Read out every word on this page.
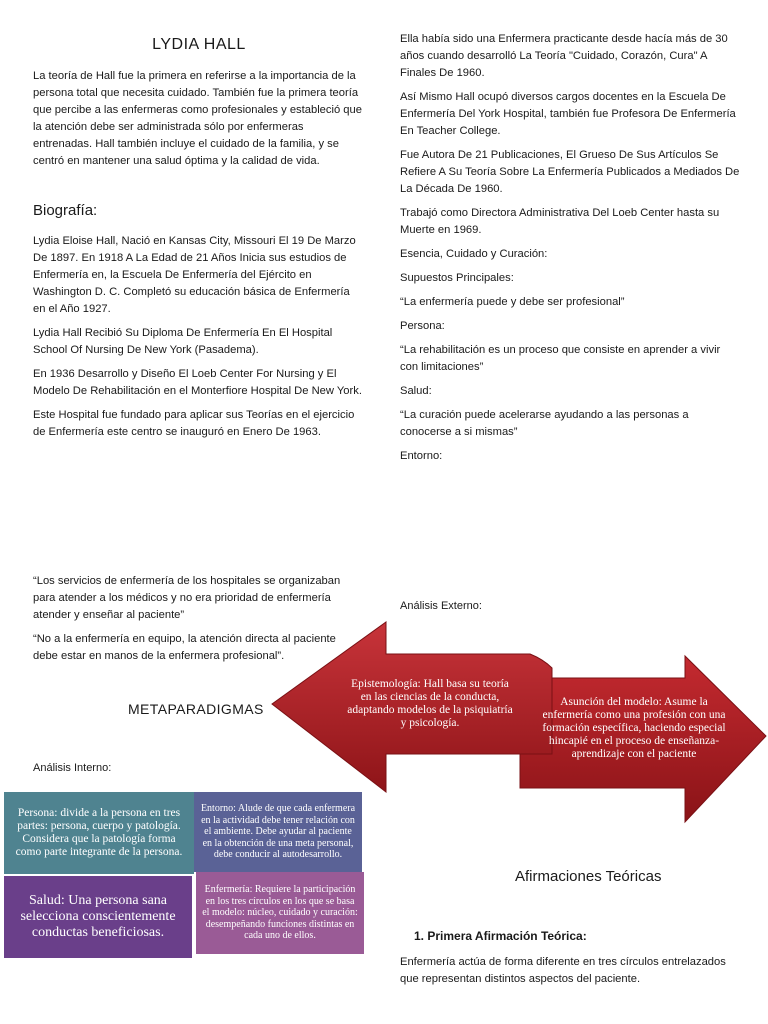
LYDIA HALL

La teoría de Hall fue la primera en referirse a la importancia de la persona total que necesita cuidado. También fue la primera teoría que percibe a las enfermeras como profesionales y estableció que la atención debe ser administrada sólo por enfermeras entrenadas. Hall también incluye el cuidado de la familia, y se centró en mantener una salud óptima y la calidad de vida.

Biografía:

Lydia Eloise Hall, Nació en Kansas City, Missouri El 19 De Marzo De 1897. En 1918 A La Edad de 21 Años Inicia sus estudios de Enfermería en, la Escuela De Enfermería del Ejército en Washington D. C. Completó su educación básica de Enfermería en el Año 1927.

Lydia Hall Recibió Su Diploma De Enfermería En El Hospital School Of Nursing De New York (Pasadema).

En 1936 Desarrollo y Diseño El Loeb Center For Nursing y El Modelo De Rehabilitación en el Monterfiore Hospital De New York.

Este Hospital fue fundado para aplicar sus Teorías en el ejercicio de Enfermería este centro se inauguró en Enero De 1963.

“Los servicios de enfermería de los hospitales se organizaban para atender a los médicos y no era prioridad de enfermería atender y enseñar al paciente”

“No a la enfermería en equipo, la atención directa al paciente debe estar en manos de la enfermera profesional”.

METAPARADIGMAS
Análisis Interno:

Ella había sido una Enfermera practicante desde hacía más de 30 años cuando desarrolló La Teoría "Cuidado, Corazón, Cura" A Finales De 1960.

Así Mismo Hall ocupó diversos cargos docentes en la Escuela De Enfermería Del York Hospital, también fue Profesora De Enfermería En Teacher College.

Fue Autora De 21 Publicaciones, El Grueso De Sus Artículos Se Refiere A Su Teoría Sobre La Enfermería Publicados a Mediados De La Década De 1960.

Trabajó como Directora Administrativa Del Loeb Center hasta su Muerte en 1969.

Esencia, Cuidado y Curación:

Supuestos Principales:

“La enfermería puede y debe ser profesional”

Persona:

“La rehabilitación es un proceso que consiste en aprender a vivir con limitaciones”

Salud:

“La curación puede acelerarse ayudando a las personas a conocerse a si mismas”

Entorno:

Análisis Externo:
Epistemología: Hall basa su teoría en las ciencias de la conducta, adaptando modelos de la psiquiatría y psicología.
Asunción del modelo: Asume la enfermería como una profesión con una formación específica, haciendo especial hincapié en el proceso de enseñanza-aprendizaje con el paciente
Persona: divide a la persona en tres partes: persona, cuerpo y patología. Considera que la patología forma como parte integrante de la persona.
Entorno: Alude de que cada enfermera en la actividad debe tener relación con el ambiente. Debe ayudar al paciente en la obtención de una meta personal, debe conducir al autodesarrollo.
Salud: Una persona sana selecciona conscientemente conductas beneficiosas.
Enfermería: Requiere la participación en los tres círculos en los que se basa el modelo: núcleo, cuidado y curación: desempeñando funciones distintas en cada uno de ellos.
Afirmaciones Teóricas
1. Primera Afirmación Teórica:

Enfermería actúa de forma diferente en tres círculos entrelazados que representan distintos aspectos del paciente.
